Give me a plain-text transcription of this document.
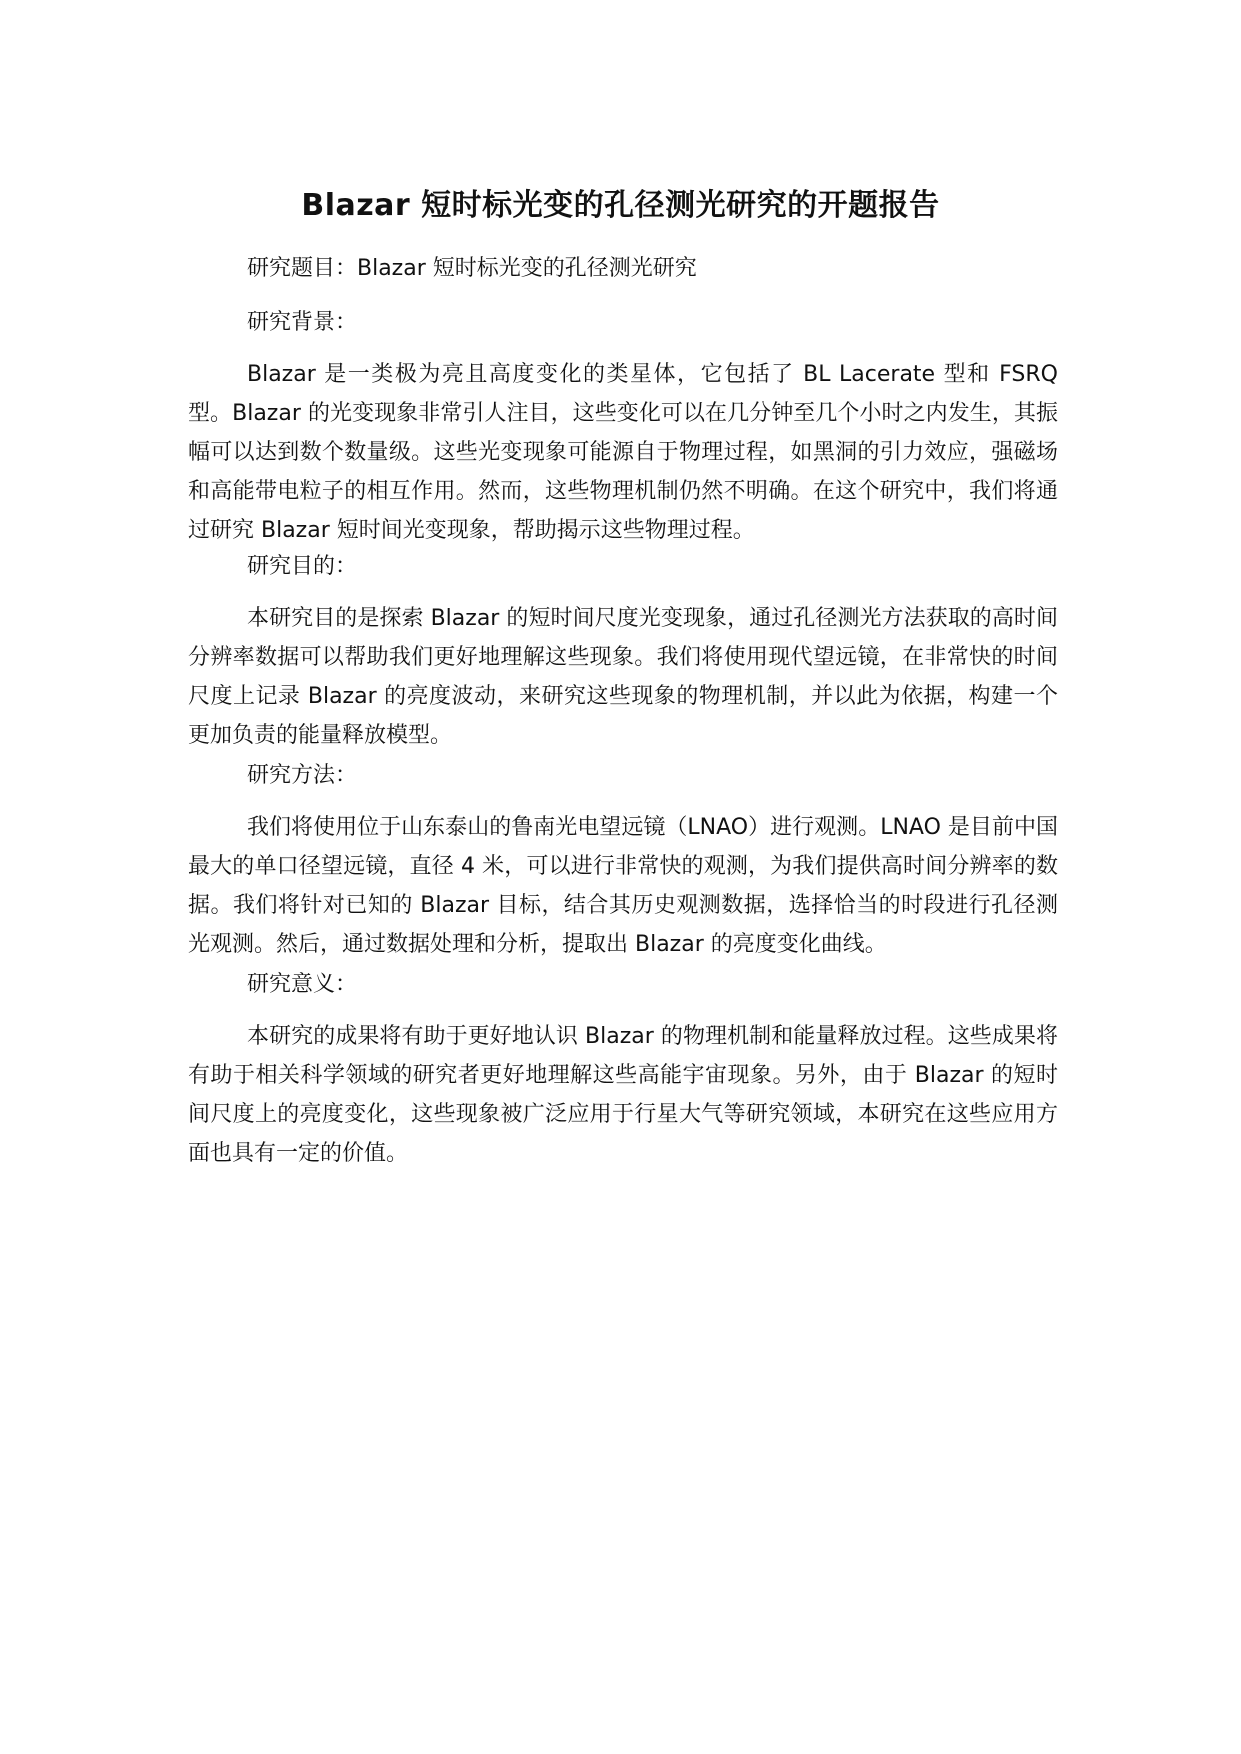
Blazar 短时标光变的孔径测光研究的开题报告
研究题目：Blazar 短时标光变的孔径测光研究
研究背景：
Blazar 是一类极为亮且高度变化的类星体，它包括了 BL Lacerate 型和 FSRQ 型。Blazar 的光变现象非常引人注目，这些变化可以在几分钟至几个小时之内发生，其振幅可以达到数个数量级。这些光变现象可能源自于物理过程，如黑洞的引力效应，强磁场和高能带电粒子的相互作用。然而，这些物理机制仍然不明确。在这个研究中，我们将通过研究 Blazar 短时间光变现象，帮助揭示这些物理过程。
研究目的：
本研究目的是探索 Blazar 的短时间尺度光变现象，通过孔径测光方法获取的高时间分辨率数据可以帮助我们更好地理解这些现象。我们将使用现代望远镜，在非常快的时间尺度上记录 Blazar 的亮度波动，来研究这些现象的物理机制，并以此为依据，构建一个更加负责的能量释放模型。
研究方法：
我们将使用位于山东泰山的鲁南光电望远镜（LNAO）进行观测。LNAO 是目前中国最大的单口径望远镜，直径 4 米，可以进行非常快的观测，为我们提供高时间分辨率的数据。我们将针对已知的 Blazar 目标，结合其历史观测数据，选择恰当的时段进行孔径测光观测。然后，通过数据处理和分析，提取出 Blazar 的亮度变化曲线。
研究意义：
本研究的成果将有助于更好地认识 Blazar 的物理机制和能量释放过程。这些成果将有助于相关科学领域的研究者更好地理解这些高能宇宙现象。另外，由于 Blazar 的短时间尺度上的亮度变化，这些现象被广泛应用于行星大气等研究领域，本研究在这些应用方面也具有一定的价值。
